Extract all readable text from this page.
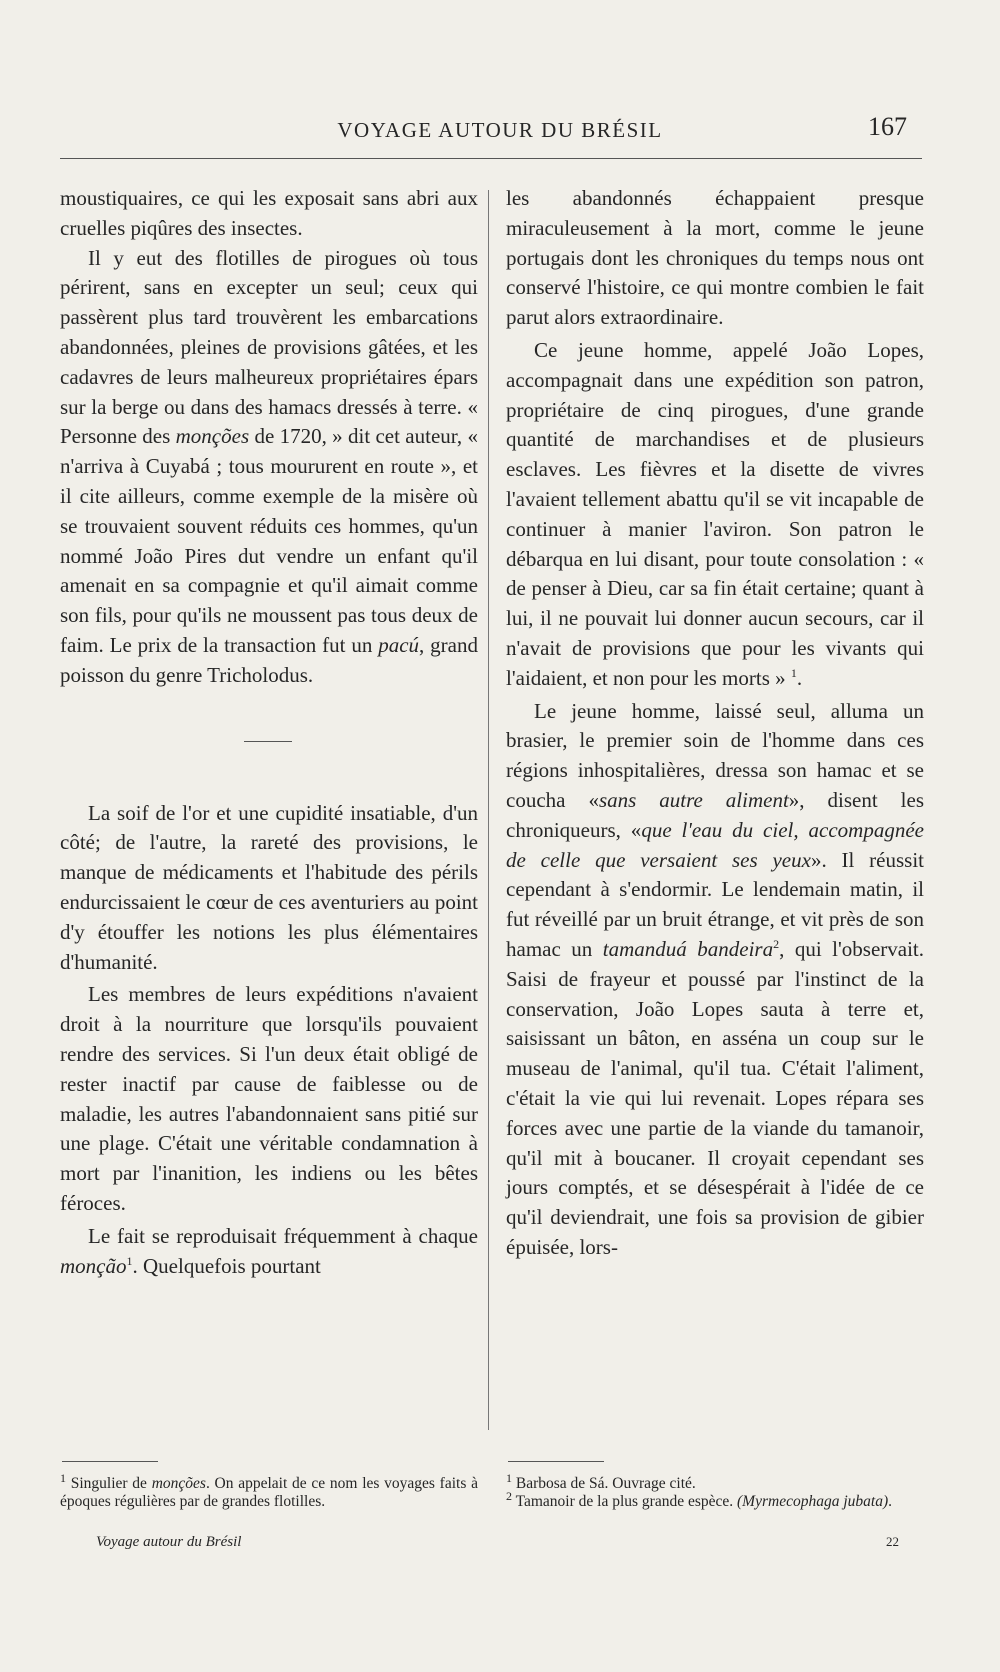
VOYAGE AUTOUR DU BRÉSIL	167

moustiquaires, ce qui les exposait sans abri aux cruelles piqûres des insectes.

Il y eut des flotilles de pirogues où tous périrent, sans en excepter un seul; ceux qui passèrent plus tard trouvèrent les embarcations abandonnées, pleines de provisions gâtées, et les cadavres de leurs malheureux propriétaires épars sur la berge ou dans des hamacs dressés à terre. « Personne des monções de 1720, » dit cet auteur, « n'arriva à Cuyabá ; tous moururent en route », et il cite ailleurs, comme exemple de la misère où se trouvaient souvent réduits ces hommes, qu'un nommé João Pires dut vendre un enfant qu'il amenait en sa compagnie et qu'il aimait comme son fils, pour qu'ils ne moussent pas tous deux de faim. Le prix de la transaction fut un pacú, grand poisson du genre Tricholodus.

La soif de l'or et une cupidité insatiable, d'un côté; de l'autre, la rareté des provisions, le manque de médicaments et l'habitude des périls endurcissaient le cœur de ces aventuriers au point d'y étouffer les notions les plus élémentaires d'humanité.

Les membres de leurs expéditions n'avaient droit à la nourriture que lorsqu'ils pouvaient rendre des services. Si l'un deux était obligé de rester inactif par cause de faiblesse ou de maladie, les autres l'abandonnaient sans pitié sur une plage. C'était une véritable condamnation à mort par l'inanition, les indiens ou les bêtes féroces.

Le fait se reproduisait fréquemment à chaque monção$^1$. Quelquefois pourtant

les abandonnés échappaient presque miraculeusement à la mort, comme le jeune portugais dont les chroniques du temps nous ont conservé l'histoire, ce qui montre combien le fait parut alors extraordinaire.

Ce jeune homme, appelé João Lopes, accompagnait dans une expédition son patron, propriétaire de cinq pirogues, d'une grande quantité de marchandises et de plusieurs esclaves. Les fièvres et la disette de vivres l'avaient tellement abattu qu'il se vit incapable de continuer à manier l'aviron. Son patron le débarqua en lui disant, pour toute consolation : « de penser à Dieu, car sa fin était certaine; quant à lui, il ne pouvait lui donner aucun secours, car il n'avait de provisions que pour les vivants qui l'aidaient, et non pour les morts » $^1$.

Le jeune homme, laissé seul, alluma un brasier, le premier soin de l'homme dans ces régions inhospitalières, dressa son hamac et se coucha «sans autre aliment», disent les chroniqueurs, «que l'eau du ciel, accompagnée de celle que versaient ses yeux». Il réussit cependant à s'endormir. Le lendemain matin, il fut réveillé par un bruit étrange, et vit près de son hamac un tamanduá bandeira$^2$, qui l'observait. Saisi de frayeur et poussé par l'instinct de la conservation, João Lopes sauta à terre et, saisissant un bâton, en asséna un coup sur le museau de l'animal, qu'il tua. C'était l'aliment, c'était la vie qui lui revenait. Lopes répara ses forces avec une partie de la viande du tamanoir, qu'il mit à boucaner. Il croyait cependant ses jours comptés, et se désespérait à l'idée de ce qu'il deviendrait, une fois sa provision de gibier épuisée, lors-

$^1$ Singulier de monções. On appelait de ce nom les voyages faits à époques régulières par de grandes flotilles.

$^1$ Barbosa de Sá. Ouvrage cité.

$^2$ Tamanoir de la plus grande espèce. (Myrmecophaga jubata).

Voyage autour du Brésil	22
